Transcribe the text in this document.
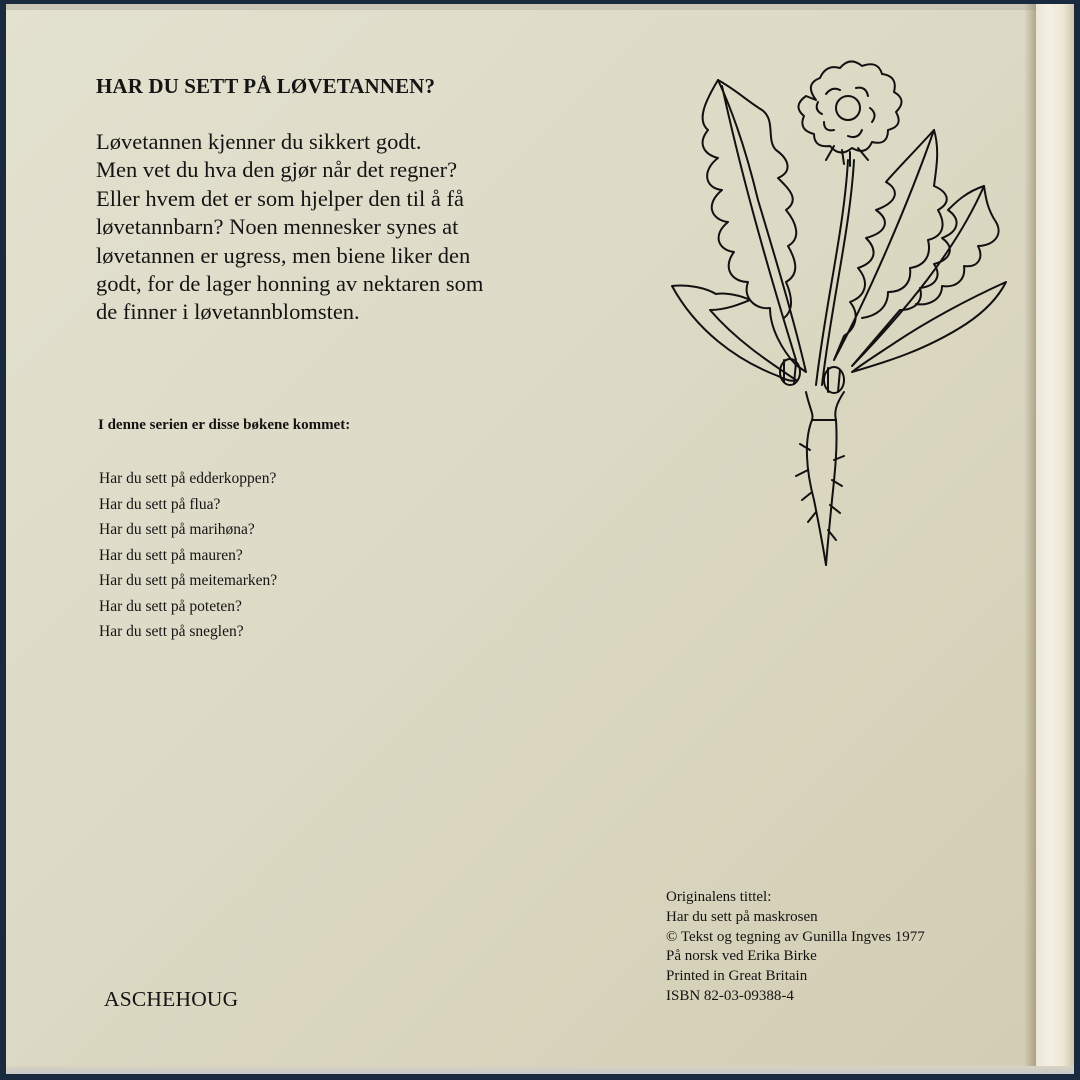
HAR DU SETT PÅ LØVETANNEN?

Løvetannen kjenner du sikkert godt.
Men vet du hva den gjør når det regner?
Eller hvem det er som hjelper den til å få
løvetannbarn? Noen mennesker synes at
løvetannen er ugress, men biene liker den
godt, for de lager honning av nektaren som
de finner i løvetannblomsten.

I denne serien er disse bøkene kommet:
Har du sett på edderkoppen?
Har du sett på flua?
Har du sett på marihøna?
Har du sett på mauren?
Har du sett på meitemarken?
Har du sett på poteten?
Har du sett på sneglen?
ASCHEHOUG
Originalens tittel:
Har du sett på maskrosen
© Tekst og tegning av Gunilla Ingves 1977
På norsk ved Erika Birke
Printed in Great Britain
ISBN 82-03-09388-4
